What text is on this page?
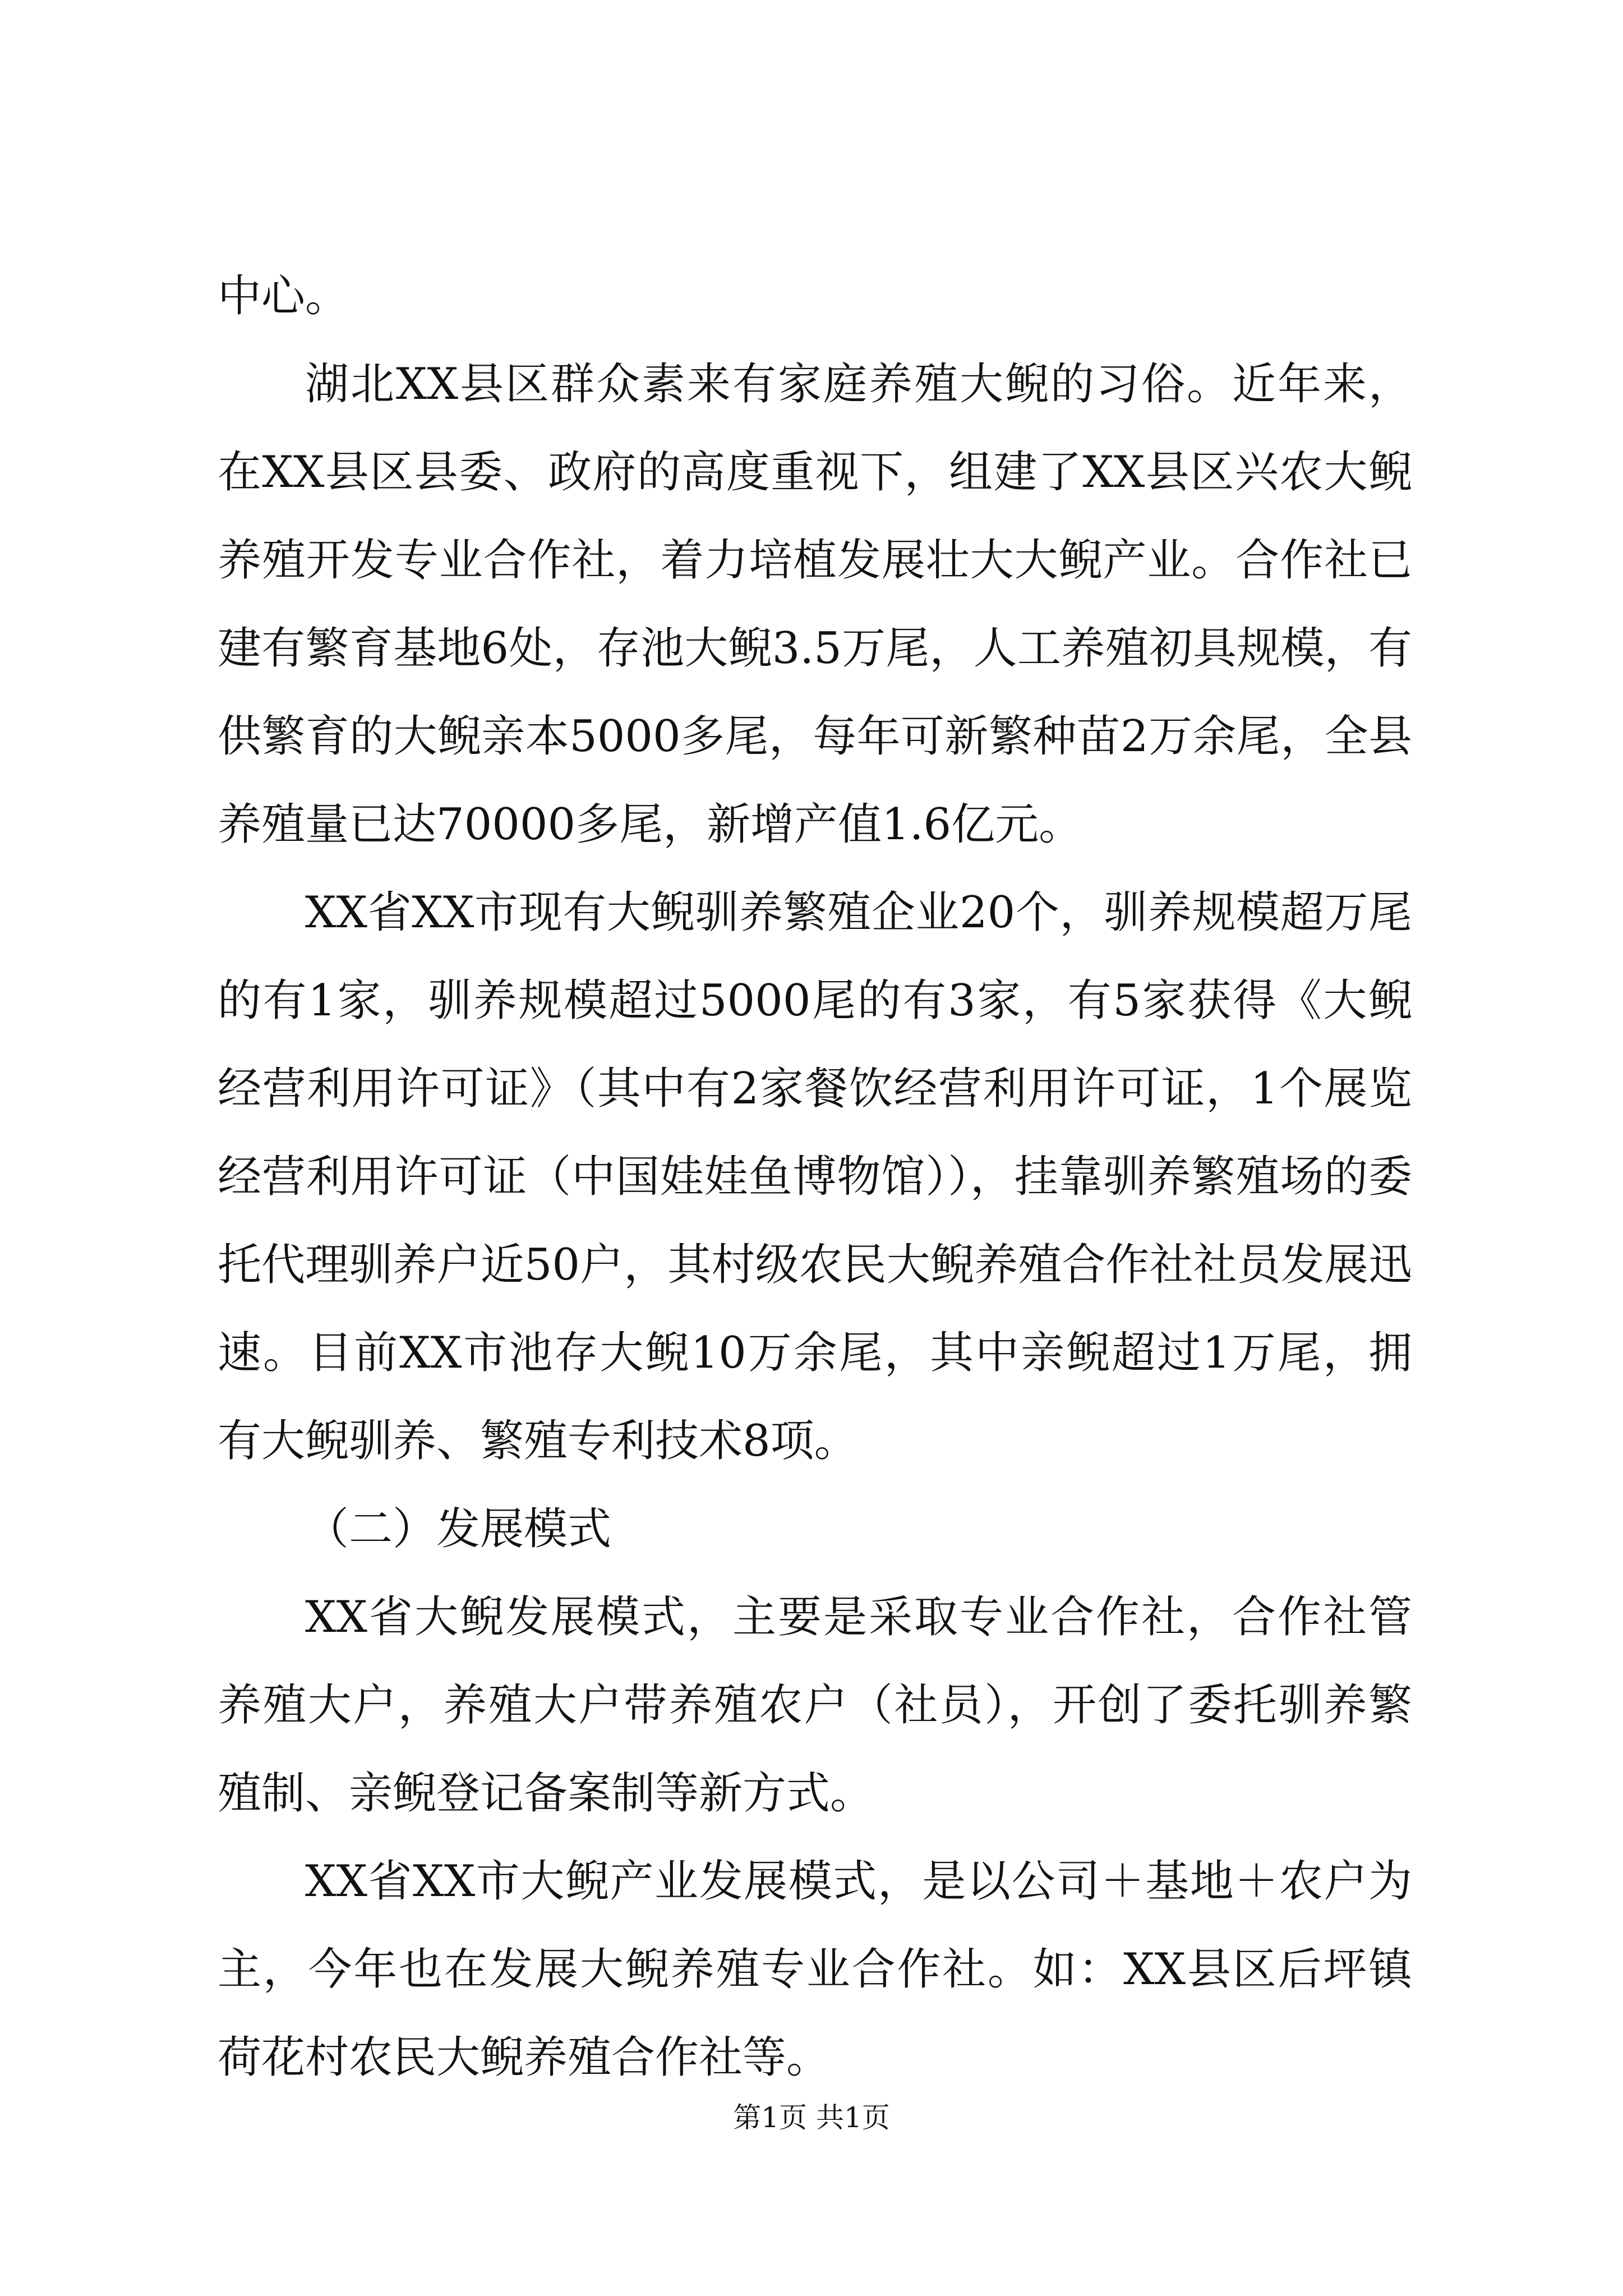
中心。

湖北XX县区群众素来有家庭养殖大鲵的习俗。近年来，在XX县区县委、政府的高度重视下，组建了XX县区兴农大鲵养殖开发专业合作社，着力培植发展壮大大鲵产业。合作社已建有繁育基地6处，存池大鲵3.5万尾，人工养殖初具规模，有供繁育的大鲵亲本5000多尾，每年可新繁种苗2万余尾，全县养殖量已达70000多尾，新增产值1.6亿元。

XX省XX市现有大鲵驯养繁殖企业20个，驯养规模超万尾的有1家，驯养规模超过5000尾的有3家，有5家获得《大鲵经营利用许可证》（其中有2家餐饮经营利用许可证，1个展览经营利用许可证（中国娃娃鱼博物馆）），挂靠驯养繁殖场的委托代理驯养户近50户，其村级农民大鲵养殖合作社社员发展迅速。目前XX市池存大鲵10万余尾，其中亲鲵超过1万尾，拥有大鲵驯养、繁殖专利技术8项。

（二）发展模式

XX省大鲵发展模式，主要是采取专业合作社，合作社管养殖大户，养殖大户带养殖农户（社员），开创了委托驯养繁殖制、亲鲵登记备案制等新方式。

XX省XX市大鲵产业发展模式，是以公司＋基地＋农户为主，今年也在发展大鲵养殖专业合作社。如：XX县区后坪镇荷花村农民大鲵养殖合作社等。

第1页 共1页
